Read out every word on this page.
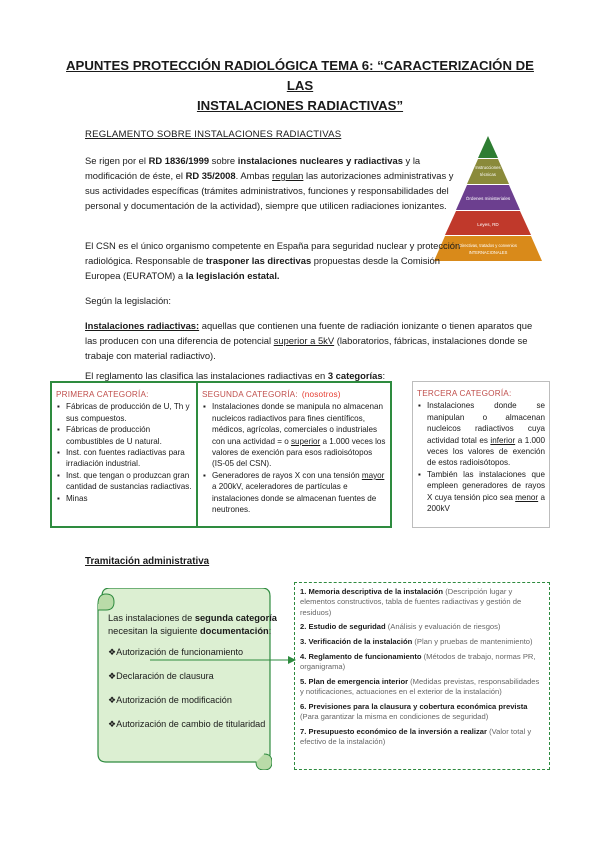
APUNTES PROTECCIÓN RADIOLÓGICA TEMA 6: “CARACTERIZACIÓN DE LAS
INSTALACIONES RADIACTIVAS”
REGLAMENTO SOBRE INSTALACIONES RADIACTIVAS
Se rigen por el RD 1836/1999 sobre instalaciones nucleares y radiactivas y la modificación de éste, el RD 35/2008. Ambas regulan las autorizaciones administrativas y sus actividades específicas (trámites administrativos, funciones y responsabilidades del personal y documentación de la actividad), siempre que utilicen radiaciones ionizantes.
Instrucciones
técnicas
Órdenes ministeriales
Leyes, RD
Directivas, tratados y convenios
INTERNACIONALES
El CSN es el único organismo competente en España para seguridad nuclear y protección radiológica. Responsable de trasponer las directivas propuestas desde la Comisión Europea (EURATOM) a la legislación estatal.
Según la legislación:
Instalaciones radiactivas: aquellas que contienen una fuente de radiación ionizante o tienen aparatos que las producen con una diferencia de potencial superior a 5kV (laboratorios, fábricas, instalaciones donde se trabaje con material radiactivo).
El reglamento las clasifica las instalaciones radiactivas en 3 categorías:
PRIMERA CATEGORÍA:
▪ Fábricas de producción de U, Th y sus compuestos.
▪ Fábricas de producción combustibles de U natural.
▪ Inst. con fuentes radiactivas para irradiación industrial.
▪ Inst. que tengan o produzcan gran cantidad de sustancias radiactivas.
▪ Minas
SEGUNDA CATEGORÍA: (nosotros)
▪ Instalaciones donde se manipula no almacenan nucleicos radiactivos para fines científicos, médicos, agrícolas, comerciales o industriales con una actividad = o superior a 1.000 veces los valores de exención para esos radioisótopos (IS-05 del CSN).
▪ Generadores de rayos X con una tensión mayor a 200kV, aceleradores de partículas e instalaciones donde se almacenan fuentes de neutrones.
TERCERA CATEGORÍA:
▪ Instalaciones donde se manipulan o almacenan nucleicos radiactivos cuya actividad total es inferior a 1.000 veces los valores de exención de estos radioisótopos.
▪ También las instalaciones que empleen generadores de rayos X cuya tensión pico sea menor a 200kV
Tramitación administrativa
Las instalaciones de segunda categoría necesitan la siguiente documentación:
❖Autorización de funcionamiento
❖Declaración de clausura
❖Autorización de modificación
❖Autorización de cambio de titularidad

1. Memoria descriptiva de la instalación (Descripción lugar y elementos constructivos, tabla de fuentes radiactivas y gestión de residuos)

2. Estudio de seguridad (Análisis y evaluación de riesgos)

3. Verificación de la instalación (Plan y pruebas de mantenimiento)

4. Reglamento de funcionamiento (Métodos de trabajo, normas PR, organigrama)

5. Plan de emergencia interior (Medidas previstas, responsabilidades y notificaciones, actuaciones en el exterior de la instalación)

6. Previsiones para la clausura y cobertura económica prevista (Para garantizar la misma en condiciones de seguridad)

7. Presupuesto económico de la inversión a realizar (Valor total y efectivo de la instalación)
